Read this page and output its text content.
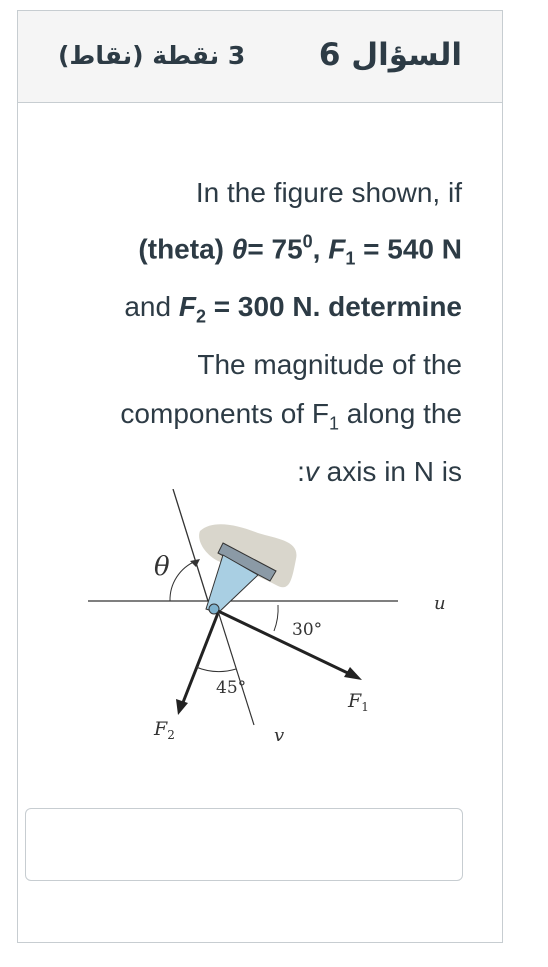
السؤال 6
3 نقطة (نقاط)
In the figure shown, if
(theta) $\theta= 75^0$, $F_1 = 540$ N
and $F_2 = 300$ N. determine
The magnitude of the
components of $F_1$ along the
:v axis in N is
θ
u
30°
45°
$F_1$
$F_2$	v
